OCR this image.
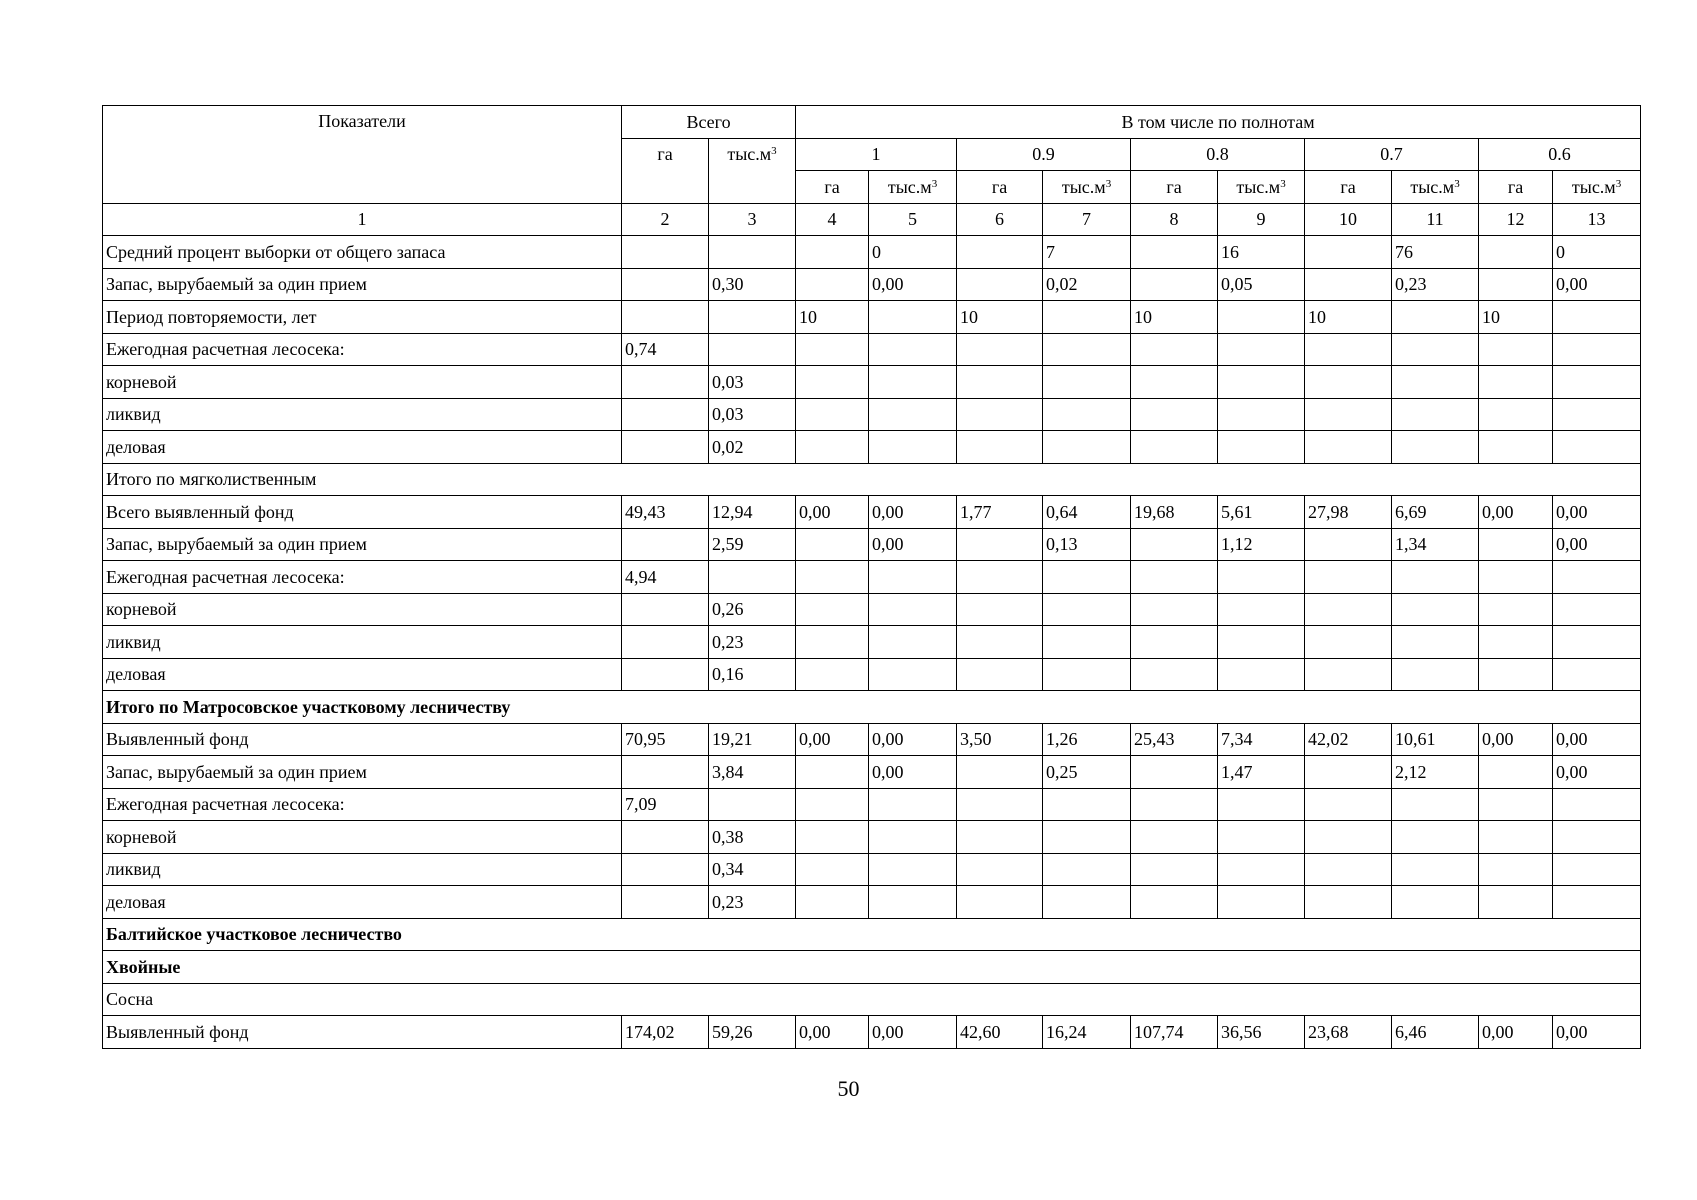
Показатели	Всего		В том числе по полнотам									
	га	$тыс.м^3$	1		0.9		0.8		0.7		0.6	
			га	$тыс.м^3$	га	$тыс.м^3$	га	$тыс.м^3$	га	$тыс.м^3$	га	$тыс.м^3$
1	2	3	4	5	6	7	8	9	10	11	12	13
Средний процент выборки от общего запаса				0		7		16		76		0
Запас, вырубаемый за один прием		0,30		0,00		0,02		0,05		0,23		0,00
Период повторяемости, лет			10		10		10		10		10	
Ежегодная расчетная лесосека:	0,74											
корневой		0,03										
ликвид		0,03										
деловая		0,02										
Итого по мягколиственным												
Всего выявленный фонд	49,43	12,94	0,00	0,00	1,77	0,64	19,68	5,61	27,98	6,69	0,00	0,00
Запас, вырубаемый за один прием		2,59		0,00		0,13		1,12		1,34		0,00
Ежегодная расчетная лесосека:	4,94											
корневой		0,26										
ликвид		0,23										
деловая		0,16										
Итого по Матросовское участковому лесничеству												
Выявленный фонд	70,95	19,21	0,00	0,00	3,50	1,26	25,43	7,34	42,02	10,61	0,00	0,00
Запас, вырубаемый за один прием		3,84		0,00		0,25		1,47		2,12		0,00
Ежегодная расчетная лесосека:	7,09											
корневой		0,38										
ликвид		0,34										
деловая		0,23										
Балтийское участковое лесничество												
Хвойные												
Сосна												
Выявленный фонд	174,02	59,26	0,00	0,00	42,60	16,24	107,74	36,56	23,68	6,46	0,00	0,00
50
